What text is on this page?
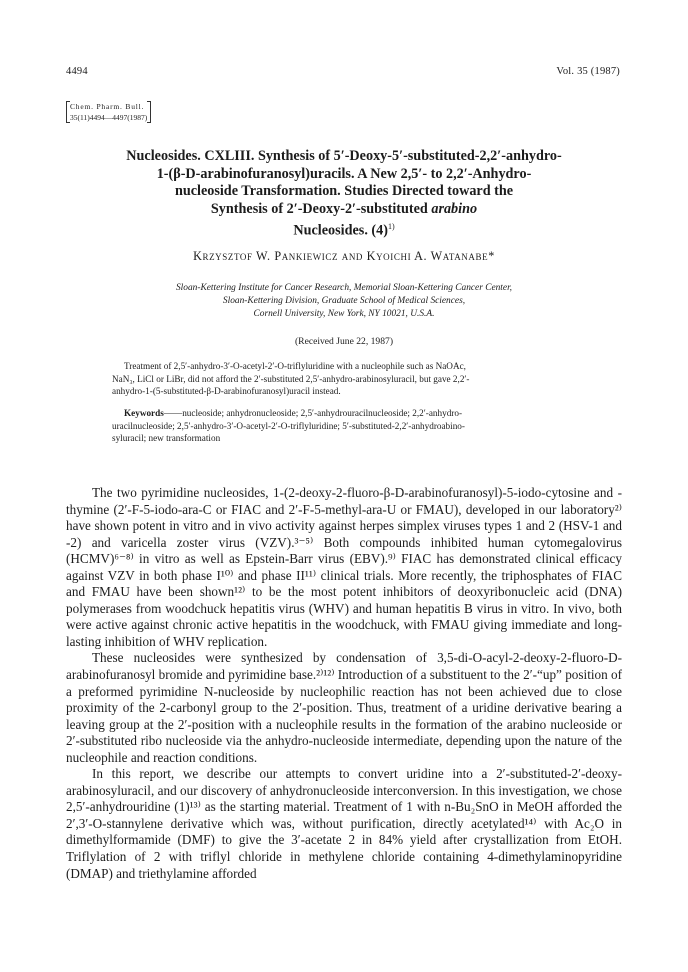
4494	Vol. 35 (1987)
Chem. Pharm. Bull.
35(11)4494—4497(1987)
Nucleosides. CXLIII. Synthesis of 5′-Deoxy-5′-substituted-2,2′-anhydro-
1-(β-D-arabinofuranosyl)uracils. A New 2,5′- to 2,2′-Anhydro-
nucleoside Transformation. Studies Directed toward the
Synthesis of 2′-Deoxy-2′-substituted arabino
Nucleosides. $(4)^{1)}$
Krzysztof W. Pankiewicz and Kyoichi A. Watanabe*
Sloan-Kettering Institute for Cancer Research, Memorial Sloan-Kettering Cancer Center,
Sloan-Kettering Division, Graduate School of Medical Sciences,
Cornell University, New York, NY 10021, U.S.A.
(Received June 22, 1987)
Treatment of 2,5′-anhydro-3′-O-acetyl-2′-O-triflyluridine with a nucleophile such as NaOAc,
NaN₃, LiCl or LiBr, did not afford the 2′-substituted 2,5′-anhydro-arabinosyluracil, but gave 2,2′-
anhydro-1-(5-substituted-β-D-arabinofuranosyl)uracil instead.
Keywords——nucleoside; anhydronucleoside; 2,5′-anhydrouracilnucleoside; 2,2′-anhydro-
uracilnucleoside; 2,5′-anhydro-3′-O-acetyl-2′-O-triflyluridine; 5′-substituted-2,2′-anhydroabino-
syluracil; new transformation

The two pyrimidine nucleosides, 1-(2-deoxy-2-fluoro-β-D-arabinofuranosyl)-5-iodo-cytosine and -thymine (2′-F-5-iodo-ara-C or FIAC and 2′-F-5-methyl-ara-U or FMAU), developed in our laboratory²⁾ have shown potent in vitro and in vivo activity against herpes simplex viruses types 1 and 2 (HSV-1 and -2) and varicella zoster virus (VZV).³⁻⁵⁾ Both compounds inhibited human cytomegalovirus (HCMV)⁶⁻⁸⁾ in vitro as well as Epstein-Barr virus (EBV).⁹⁾ FIAC has demonstrated clinical efficacy against VZV in both phase I¹⁰⁾ and phase II¹¹⁾ clinical trials. More recently, the triphosphates of FIAC and FMAU have been shown¹²⁾ to be the most potent inhibitors of deoxyribonucleic acid (DNA) polymerases from woodchuck hepatitis virus (WHV) and human hepatitis B virus in vitro. In vivo, both were active against chronic active hepatitis in the woodchuck, with FMAU giving immediate and long-lasting inhibition of WHV replication.

These nucleosides were synthesized by condensation of 3,5-di-O-acyl-2-deoxy-2-fluoro-D-arabinofuranosyl bromide and pyrimidine base.²⁾¹²⁾ Introduction of a substituent to the 2′-“up” position of a preformed pyrimidine N-nucleoside by nucleophilic reaction has not been achieved due to close proximity of the 2-carbonyl group to the 2′-position. Thus, treatment of a uridine derivative bearing a leaving group at the 2′-position with a nucleophile results in the formation of the arabino nucleoside or 2′-substituted ribo nucleoside via the anhydro-nucleoside intermediate, depending upon the nature of the nucleophile and reaction conditions.

In this report, we describe our attempts to convert uridine into a 2′-substituted-2′-deoxy-arabinosyluracil, and our discovery of anhydronucleoside interconversion. In this investigation, we chose 2,5′-anhydrouridine (1)¹³⁾ as the starting material. Treatment of 1 with n-Bu₂SnO in MeOH afforded the 2′,3′-O-stannylene derivative which was, without purification, directly acetylated¹⁴⁾ with Ac₂O in dimethylformamide (DMF) to give the 3′-acetate 2 in 84% yield after crystallization from EtOH. Triflylation of 2 with triflyl chloride in methylene chloride containing 4-dimethylaminopyridine (DMAP) and triethylamine afforded
